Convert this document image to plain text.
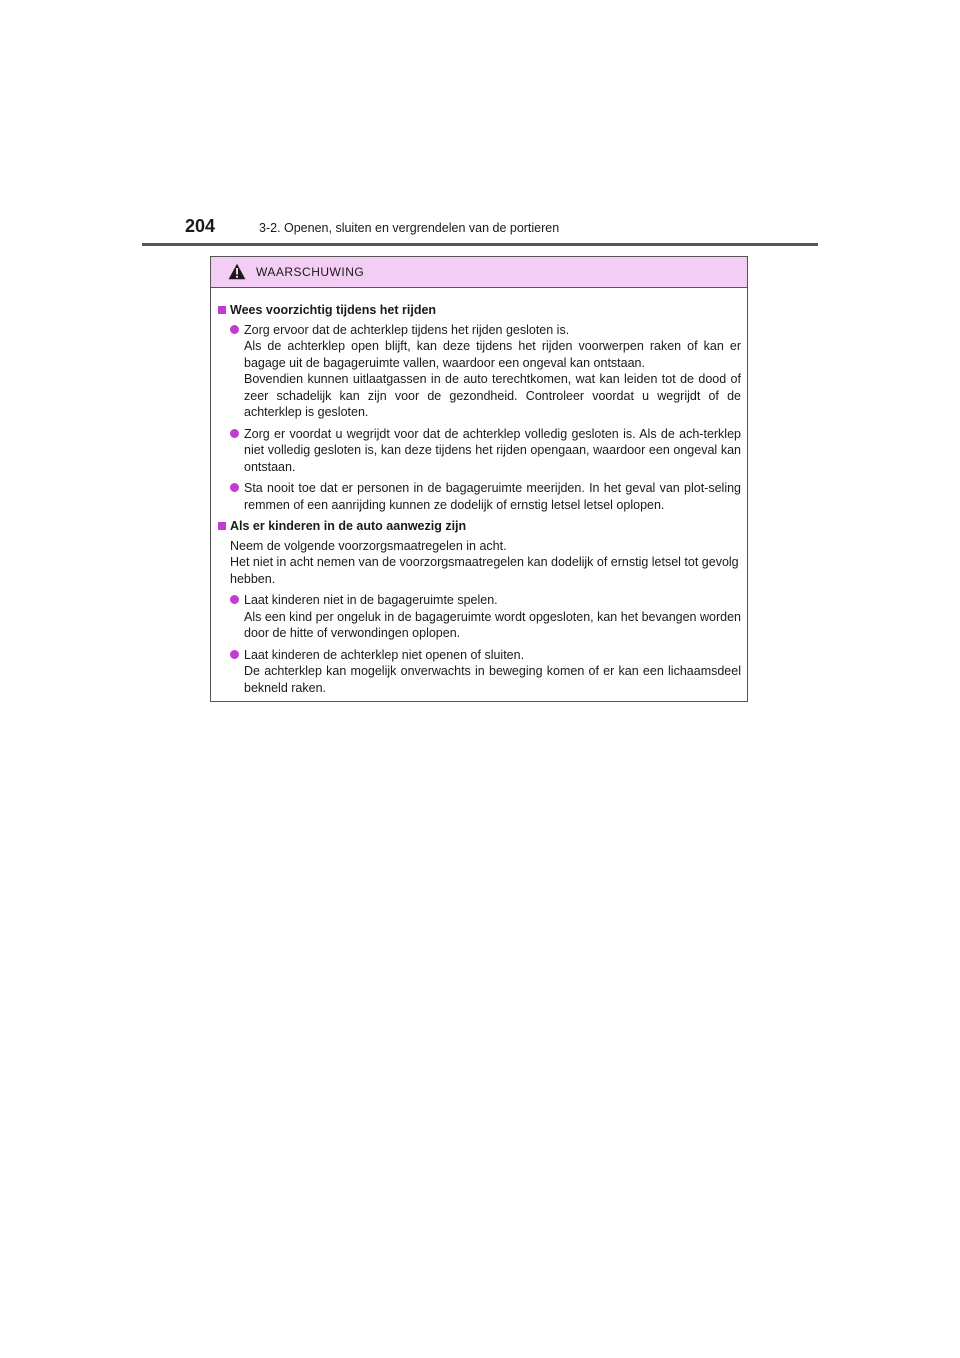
204	3-2. Openen, sluiten en vergrendelen van de portieren
WAARSCHUWING
Wees voorzichtig tijdens het rijden

Zorg ervoor dat de achterklep tijdens het rijden gesloten is.

Als de achterklep open blijft, kan deze tijdens het rijden voorwerpen raken of kan er bagage uit de bagageruimte vallen, waardoor een ongeval kan ontstaan.

Bovendien kunnen uitlaatgassen in de auto terechtkomen, wat kan leiden tot de dood of zeer schadelijk kan zijn voor de gezondheid. Controleer voordat u wegrijdt of de achterklep is gesloten.

Zorg er voordat u wegrijdt voor dat de achterklep volledig gesloten is. Als de ach-terklep niet volledig gesloten is, kan deze tijdens het rijden opengaan, waardoor een ongeval kan ontstaan.

Sta nooit toe dat er personen in de bagageruimte meerijden. In het geval van plot-seling remmen of een aanrijding kunnen ze dodelijk of ernstig letsel letsel oplopen.

Als er kinderen in de auto aanwezig zijn

Neem de volgende voorzorgsmaatregelen in acht.

Het niet in acht nemen van de voorzorgsmaatregelen kan dodelijk of ernstig letsel tot gevolg hebben.

Laat kinderen niet in de bagageruimte spelen.

Als een kind per ongeluk in de bagageruimte wordt opgesloten, kan het bevangen worden door de hitte of verwondingen oplopen.

Laat kinderen de achterklep niet openen of sluiten.

De achterklep kan mogelijk onverwachts in beweging komen of er kan een lichaamsdeel bekneld raken.
